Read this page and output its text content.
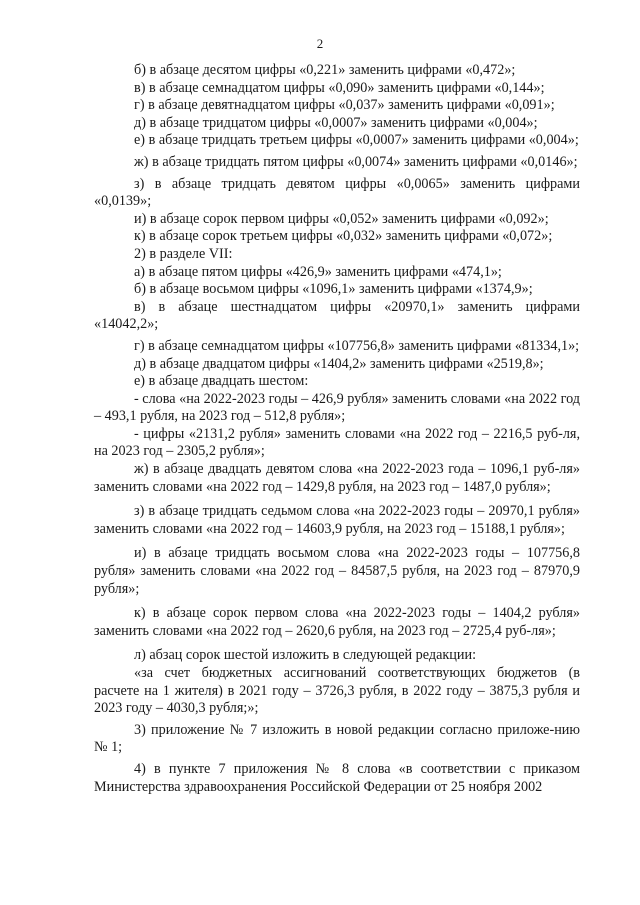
2

б) в абзаце десятом цифры «0,221» заменить цифрами «0,472»;

в) в абзаце семнадцатом цифры «0,090» заменить цифрами «0,144»;

г) в абзаце девятнадцатом цифры «0,037» заменить цифрами «0,091»;

д) в абзаце тридцатом цифры «0,0007» заменить цифрами «0,004»;

е) в абзаце тридцать третьем цифры «0,0007» заменить цифрами «0,004»;

ж) в абзаце тридцать пятом цифры «0,0074» заменить цифрами «0,0146»;

з) в абзаце тридцать девятом цифры «0,0065» заменить цифрами «0,0139»;

и) в абзаце сорок первом цифры «0,052» заменить цифрами «0,092»;

к) в абзаце сорок третьем цифры «0,032» заменить цифрами «0,072»;

2) в разделе VII:

а) в абзаце пятом цифры «426,9» заменить цифрами «474,1»;

б) в абзаце восьмом цифры «1096,1» заменить цифрами «1374,9»;

в) в абзаце шестнадцатом цифры «20970,1» заменить цифрами «14042,2»;

г) в абзаце семнадцатом цифры «107756,8» заменить цифрами «81334,1»;

д) в абзаце двадцатом цифры «1404,2» заменить цифрами «2519,8»;

е) в абзаце двадцать шестом:

- слова «на 2022-2023 годы – 426,9 рубля» заменить словами «на 2022 год – 493,1 рубля, на 2023 год – 512,8 рубля»;

- цифры «2131,2 рубля» заменить словами «на 2022 год – 2216,5 руб-ля, на 2023 год – 2305,2 рубля»;

ж) в абзаце двадцать девятом слова «на 2022-2023 года – 1096,1 руб-ля» заменить словами «на 2022 год – 1429,8 рубля, на 2023 год – 1487,0 рубля»;

з) в абзаце тридцать седьмом слова «на 2022-2023 годы – 20970,1 рубля» заменить словами «на 2022 год – 14603,9 рубля, на 2023 год – 15188,1 рубля»;

и) в абзаце тридцать восьмом слова «на 2022-2023 годы – 107756,8 рубля» заменить словами «на 2022 год – 84587,5 рубля, на 2023 год – 87970,9 рубля»;

к) в абзаце сорок первом слова «на 2022-2023 годы – 1404,2 рубля» заменить словами «на 2022 год – 2620,6 рубля, на 2023 год – 2725,4 руб-ля»;

л) абзац сорок шестой изложить в следующей редакции:

«за счет бюджетных ассигнований соответствующих бюджетов (в расчете на 1 жителя) в 2021 году – 3726,3 рубля, в 2022 году – 3875,3 рубля и 2023 году – 4030,3 рубля;»;

3) приложение № 7 изложить в новой редакции согласно приложе-нию № 1;

4) в пункте 7 приложения № 8 слова «в соответствии с приказом Министерства здравоохранения Российской Федерации от 25 ноября 2002
